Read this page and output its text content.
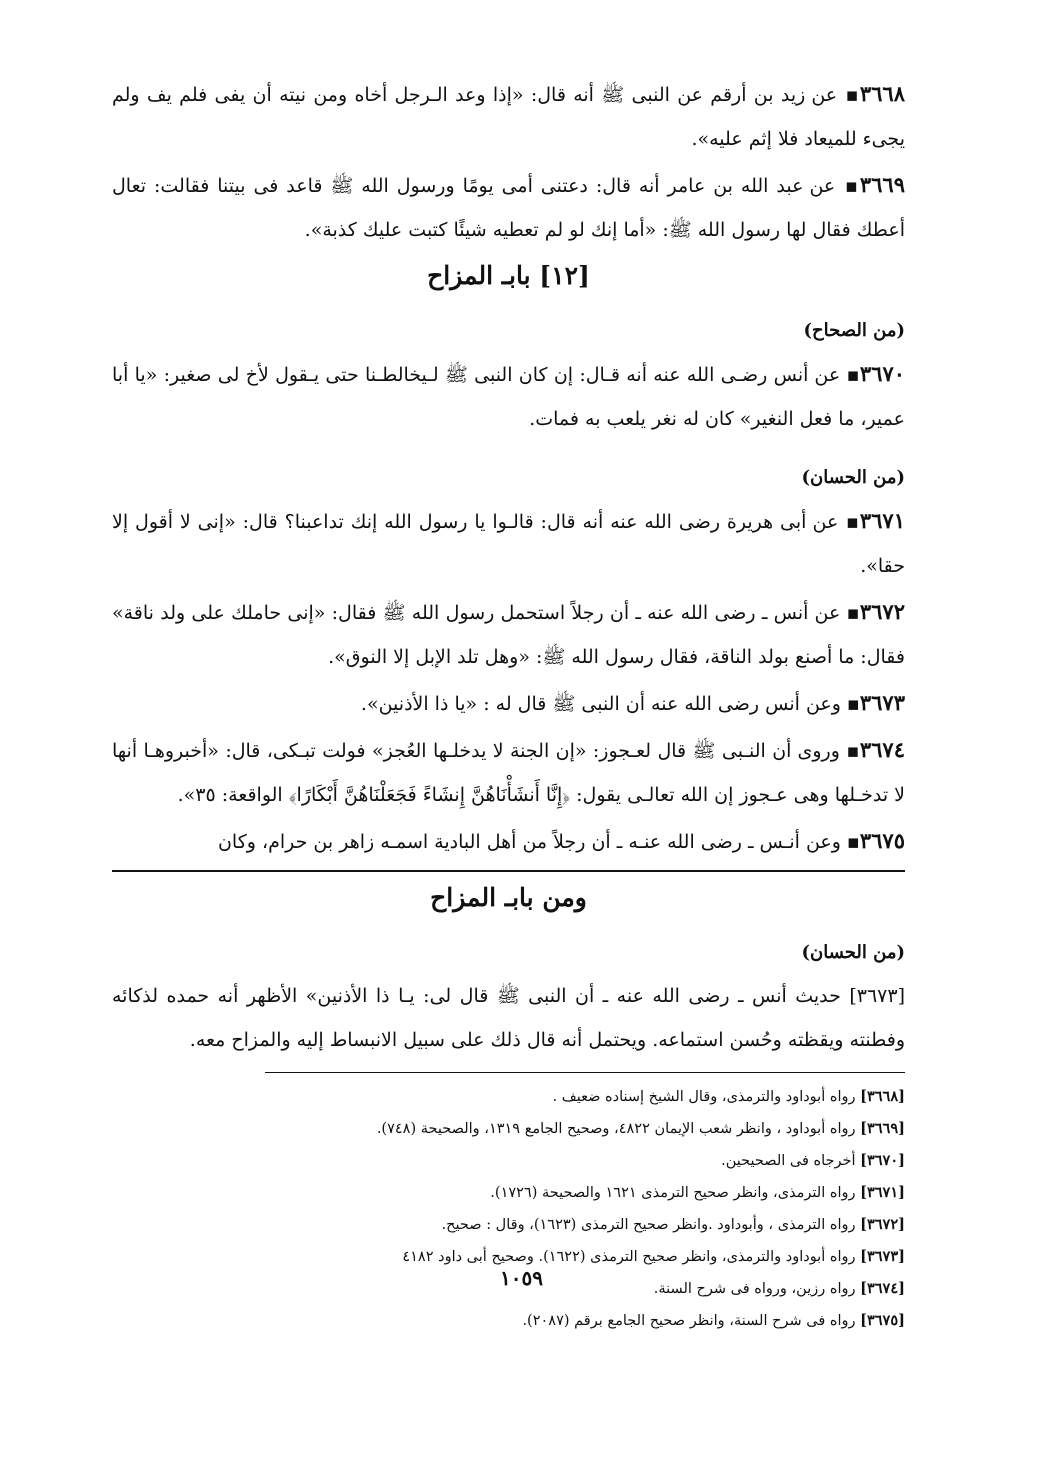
٣٦٦٨▪ عن زيد بن أرقم عن النبى ﷺ أنه قال: «إذا وعد الـرجل أخاه ومن نيته أن يفى فلم يف ولم يجىء للميعاد فلا إثم عليه».
٣٦٦٩▪ عن عبد الله بن عامر أنه قال: دعتنى أمى يومًا ورسول الله ﷺ قاعد فى بيتنا فقالت: تعال أعطك فقال لها رسول الله ﷺ: «أما إنك لو لم تعطيه شيئًا كتبت عليك كذبة».
[١٢] بابـ المزاح
(من الصحاح)
٣٦٧٠▪ عن أنس رضـى الله عنه أنه قـال: إن كان النبى ﷺ لـيخالطـنا حتى يـقول لأخ لى صغير: «يا أبا عمير، ما فعل النغير» كان له نغر يلعب به فمات.
(من الحسان)
٣٦٧١▪ عن أبى هريرة رضى الله عنه أنه قال: قالـوا يا رسول الله إنك تداعبنا؟ قال: «إنى لا أقول إلا حقا».
٣٦٧٢▪ عن أنس ـ رضى الله عنه ـ أن رجلاً استحمل رسول الله ﷺ فقال: «إنى حاملك على ولد ناقة» فقال: ما أصنع بولد الناقة، فقال رسول الله ﷺ: «وهل تلد الإبل إلا النوق».
٣٦٧٣▪ وعن أنس رضى الله عنه أن النبى ﷺ قال له : «يا ذا الأذنين».
٣٦٧٤▪ وروى أن النـبى ﷺ قال لعـجوز: «إن الجنة لا يدخلـها العُجز» فولت تبـكى، قال: «أخبروهـا أنها لا تدخـلها وهى عـجوز إن الله تعالـى يقول: ﴿إِنَّا أَنشَأْنَاهُنَّ إِنشَاءً فَجَعَلْنَاهُنَّ أَبْكَارًا﴾ الواقعة: ٣٥».
٣٦٧٥▪ وعن أنـس ـ رضى الله عنـه ـ أن رجلاً من أهل البادية اسمـه زاهر بن حرام، وكان
ومن بابـ المزاح
(من الحسان)
[٣٦٧٣] حديث أنس ـ رضى الله عنه ـ أن النبى ﷺ قال لى: يـا ذا الأذنين» الأظهر أنه حمده لذكائه وفطنته ويقظته وحُسن استماعه. ويحتمل أنه قال ذلك على سبيل الانبساط إليه والمزاح معه.

[٣٦٦٨] رواه أبوداود والترمذى، وقال الشيخ إسناده ضعيف .

[٣٦٦٩] رواه أبوداود ، وانظر شعب الإيمان ٤٨٢٢، وصحيح الجامع ١٣١٩، والصحيحة (٧٤٨).

[٣٦٧٠] أخرجاه فى الصحيحين.

[٣٦٧١] رواه الترمذى، وانظر صحيح الترمذى ١٦٢١ والصحيحة (١٧٢٦).

[٣٦٧٢] رواه الترمذى ، وأبوداود .وانظر صحيح الترمذى (١٦٢٣)، وقال : صحيح.

[٣٦٧٣] رواه أبوداود والترمذى، وانظر صحيح الترمذى (١٦٢٢). وصحيح أبى داود ٤١٨٢

[٣٦٧٤] رواه رزين، ورواه فى شرح السنة.

[٣٦٧٥] رواه فى شرح السنة، وانظر صحيح الجامع برقم (٢٠٨٧).

١٠٥٩
